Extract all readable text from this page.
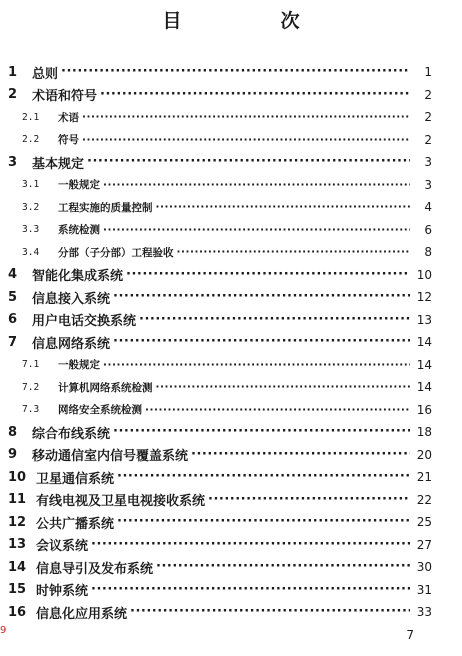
目　次
1	总则 ·····	1
2	术语和符号 ·····	2
2.1	术语 ·····	2
2.2	符号 ·····	2
3	基本规定 ·····	3
3.1	一般规定 ·····	3
3.2	工程实施的质量控制 ·····	4
3.3	系统检测 ·····	6
3.4	分部（子分部）工程验收 ·····	8
4	智能化集成系统 ·····	10
5	信息接入系统 ·····	12
6	用户电话交换系统 ·····	13
7	信息网络系统 ·····	14
7.1	一般规定 ·····	14
7.2	计算机网络系统检测 ·····	14
7.3	网络安全系统检测 ·····	16
8	综合布线系统 ·····	18
9	移动通信室内信号覆盖系统 ·····	20
10 卫星通信系统 ·····	21
11 有线电视及卫星电视接收系统 ·····	22
12 公共广播系统 ·····	25
13 会议系统 ·····	27
14 信息导引及发布系统 ·····	30
15 时钟系统 ·····	31
16 信息化应用系统 ·····	33
9	7
